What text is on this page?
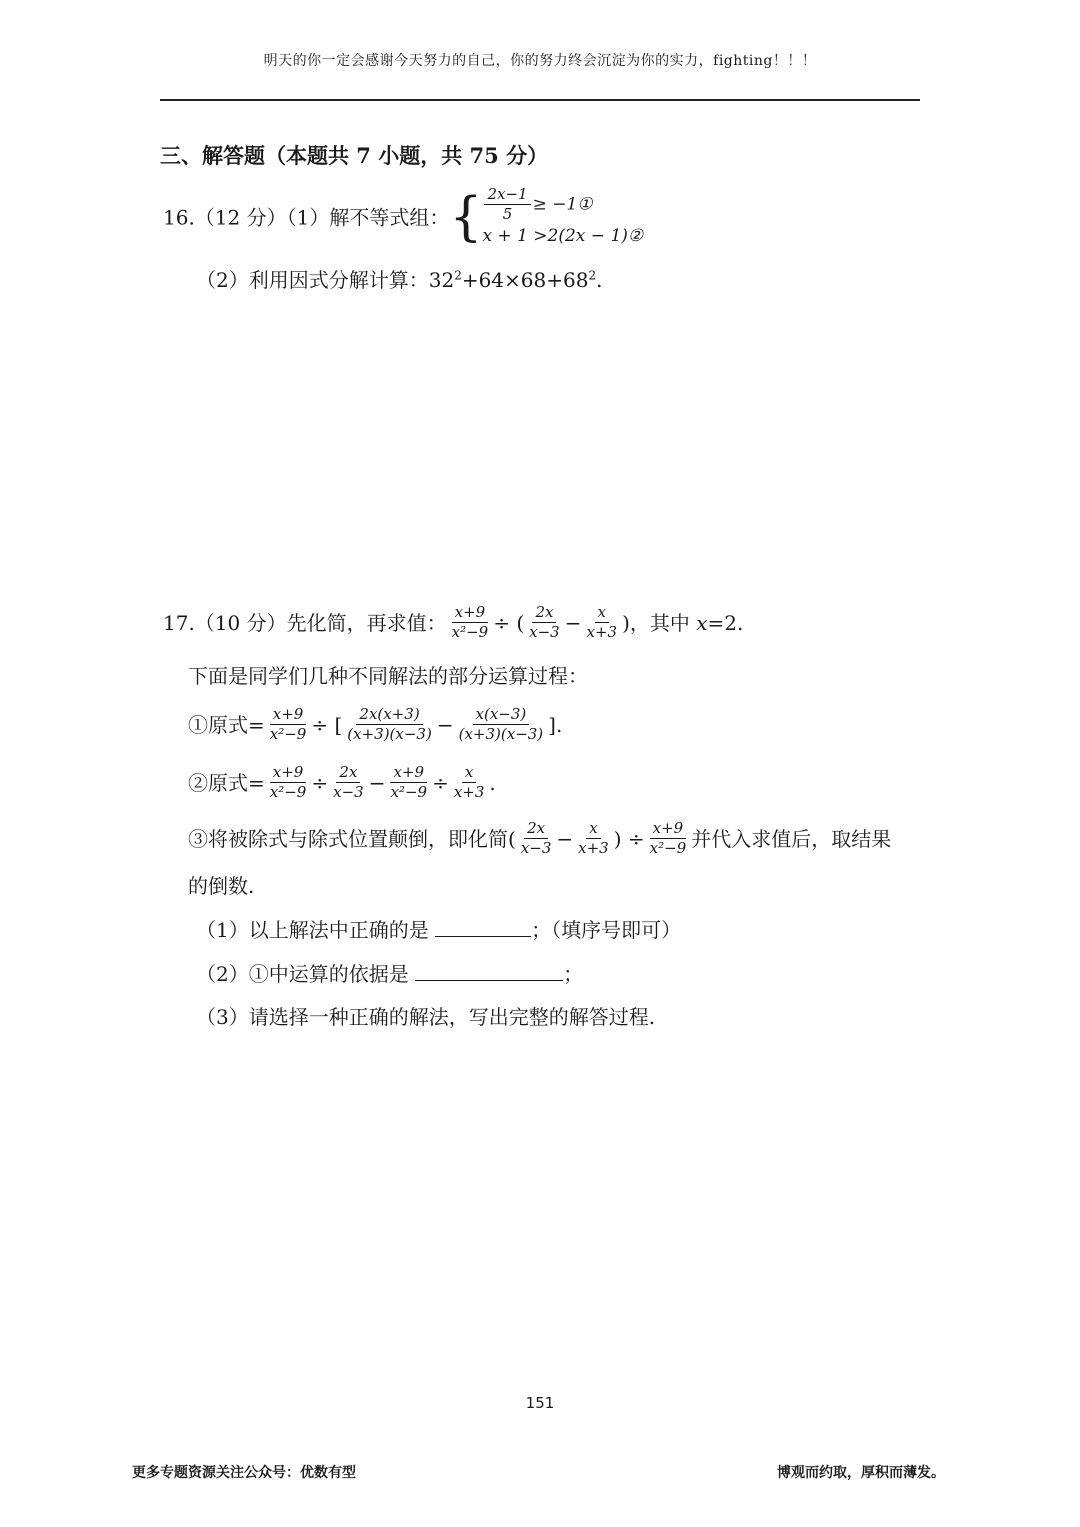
明天的你一定会感谢今天努力的自己，你的努力终会沉淀为你的实力，fighting！！！
三、解答题（本题共 7 小题，共 75 分）
16.（12 分）（1）解不等式组：{ $\frac{2x-1}{5}$ ≥ −1①
x + 1 >2(2x − 1)②
（2）利用因式分解计算：$32^2+64\times 68+68^2$.
17.（10 分）先化简，再求值： $\frac{x+9}{\text{x²−9}}$ ÷ ( $\frac{2x}{x-3} - \frac{x}{x+3}$ )，其中 x=2.
下面是同学们几种不同解法的部分运算过程：
①原式= $\frac{x+9}{\text{x²−9}}$ ÷ [ $\frac{2x(x+3)}{(x+3)(x-3)} - \frac{x(x-3)}{(x+3)(x-3)}$ ].
②原式= $\frac{x+9}{\text{x²−9}} \div \frac{2x}{x-3} - \frac{x+9}{\text{x²−9}} \div \frac{x}{x+3}$ .
③将被除式与除式位置颠倒，即化简( $\frac{2x}{x-3} - \frac{x}{x+3}$ ) ÷ $\frac{x+9}{\text{x²−9}}$ 并代入求值后，取结果
的倒数.
（1）以上解法中正确的是	；（填序号即可）
（2）①中运算的依据是	；
（3）请选择一种正确的解法，写出完整的解答过程.
151
更多专题资源关注公众号：优数有型	博观而约取，厚积而薄发。
